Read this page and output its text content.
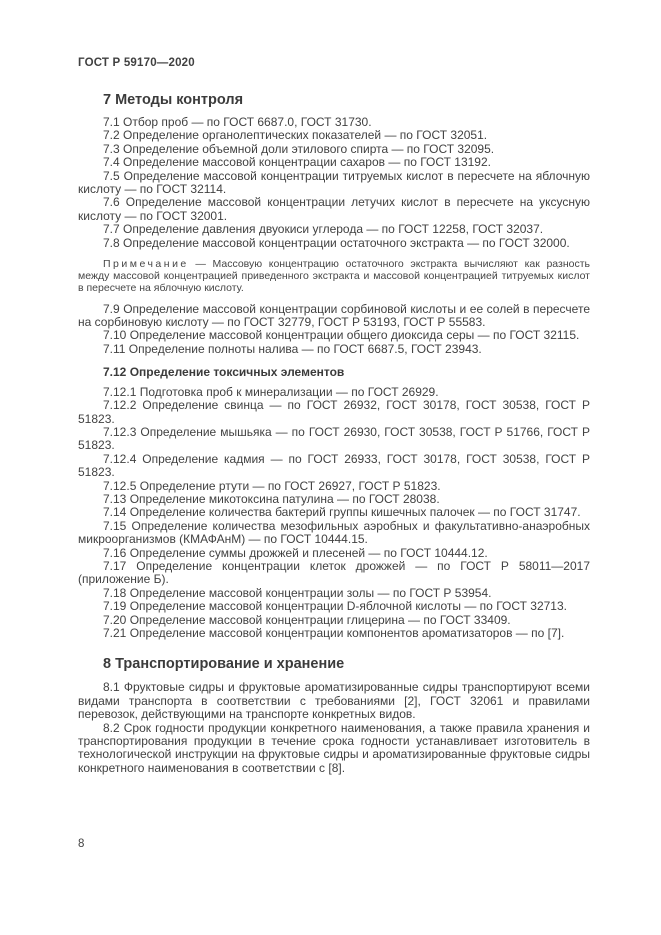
ГОСТ Р 59170—2020
7 Методы контроля

7.1 Отбор проб — по ГОСТ 6687.0, ГОСТ 31730.

7.2 Определение органолептических показателей — по ГОСТ 32051.

7.3 Определение объемной доли этилового спирта — по ГОСТ 32095.

7.4 Определение массовой концентрации сахаров — по ГОСТ 13192.

7.5 Определение массовой концентрации титруемых кислот в пересчете на яблочную кислоту — по ГОСТ 32114.

7.6 Определение массовой концентрации летучих кислот в пересчете на уксусную кислоту — по ГОСТ 32001.

7.7 Определение давления двуокиси углерода — по ГОСТ 12258, ГОСТ 32037.

7.8 Определение массовой концентрации остаточного экстракта — по ГОСТ 32000.

Примечание — Массовую концентрацию остаточного экстракта вычисляют как разность между массовой концентрацией приведенного экстракта и массовой концентрацией титруемых кислот в пересчете на яблочную кислоту.

7.9 Определение массовой концентрации сорбиновой кислоты и ее солей в пересчете на сорбиновую кислоту — по ГОСТ 32779, ГОСТ Р 53193, ГОСТ Р 55583.

7.10 Определение массовой концентрации общего диоксида серы — по ГОСТ 32115.

7.11 Определение полноты налива — по ГОСТ 6687.5, ГОСТ 23943.

7.12 Определение токсичных элементов

7.12.1 Подготовка проб к минерализации — по ГОСТ 26929.

7.12.2 Определение свинца — по ГОСТ 26932, ГОСТ 30178, ГОСТ 30538, ГОСТ Р 51823.

7.12.3 Определение мышьяка — по ГОСТ 26930, ГОСТ 30538, ГОСТ Р 51766, ГОСТ Р 51823.

7.12.4 Определение кадмия — по ГОСТ 26933, ГОСТ 30178, ГОСТ 30538, ГОСТ Р 51823.

7.12.5 Определение ртути — по ГОСТ 26927, ГОСТ Р 51823.

7.13 Определение микотоксина патулина — по ГОСТ 28038.

7.14 Определение количества бактерий группы кишечных палочек — по ГОСТ 31747.

7.15 Определение количества мезофильных аэробных и факультативно-анаэробных микроорганизмов (КМАФАнМ) — по ГОСТ 10444.15.

7.16 Определение суммы дрожжей и плесеней — по ГОСТ 10444.12.

7.17 Определение концентрации клеток дрожжей — по ГОСТ Р 58011—2017 (приложение Б).

7.18 Определение массовой концентрации золы — по ГОСТ Р 53954.

7.19 Определение массовой концентрации D-яблочной кислоты — по ГОСТ 32713.

7.20 Определение массовой концентрации глицерина — по ГОСТ 33409.

7.21 Определение массовой концентрации компонентов ароматизаторов — по [7].

8 Транспортирование и хранение

8.1 Фруктовые сидры и фруктовые ароматизированные сидры транспортируют всеми видами транспорта в соответствии с требованиями [2], ГОСТ 32061 и правилами перевозок, действующими на транспорте конкретных видов.

8.2 Срок годности продукции конкретного наименования, а также правила хранения и транспортирования продукции в течение срока годности устанавливает изготовитель в технологической инструкции на фруктовые сидры и ароматизированные фруктовые сидры конкретного наименования в соответствии с [8].

8
